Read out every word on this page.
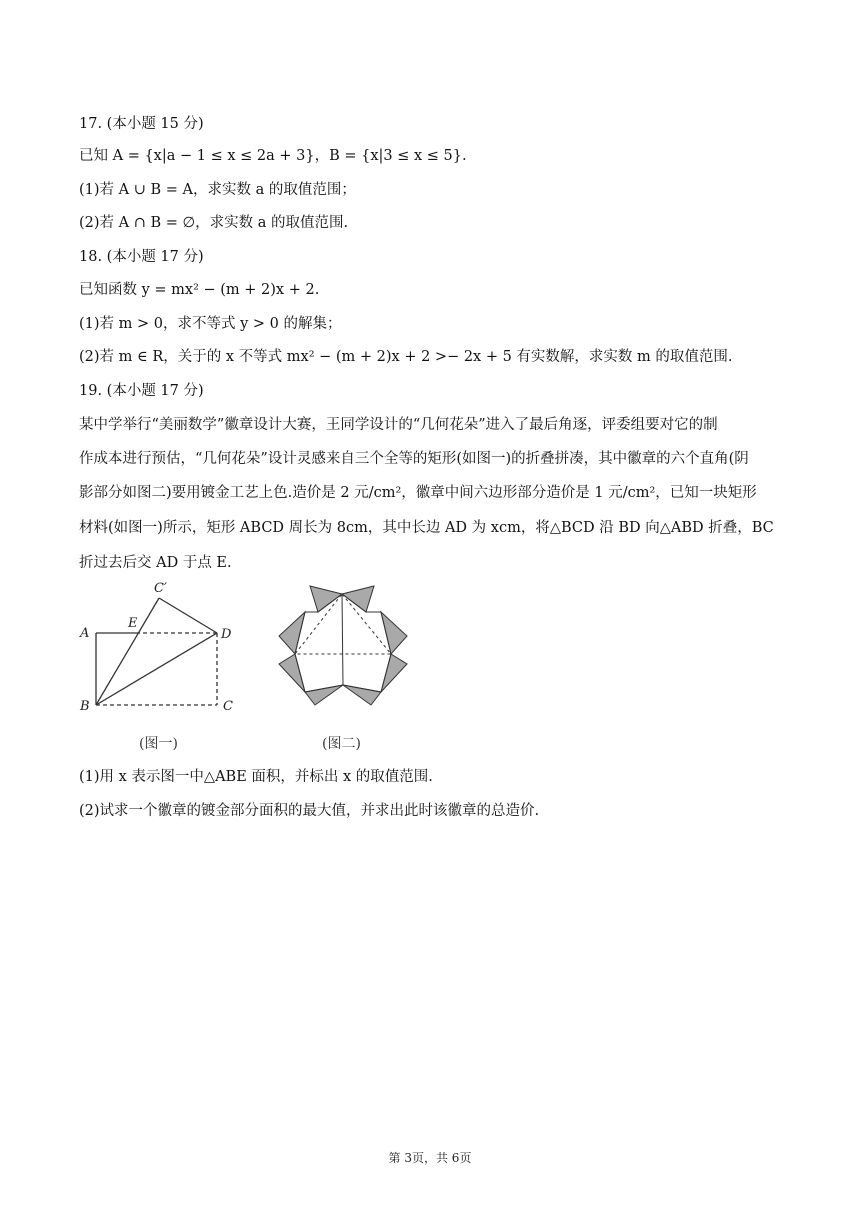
17. (本小题 15 分)
已知 A = {x|a − 1 ≤ x ≤ 2a + 3}，B = {x|3 ≤ x ≤ 5}.
(1)若 A ∪ B = A，求实数 a 的取值范围；
(2)若 A ∩ B = ∅，求实数 a 的取值范围.
18. (本小题 17 分)
已知函数 y = mx² − (m + 2)x + 2.
(1)若 m > 0，求不等式 y > 0 的解集；
(2)若 m ∈ R，关于的 x 不等式 mx² − (m + 2)x + 2 >− 2x + 5 有实数解，求实数 m 的取值范围.
19. (本小题 17 分)
某中学举行“美丽数学”徽章设计大赛，王同学设计的“几何花朵”进入了最后角逐，评委组要对它的制
作成本进行预估，“几何花朵”设计灵感来自三个全等的矩形(如图一)的折叠拼凑，其中徽章的六个直角(阴
影部分如图二)要用镀金工艺上色.造价是 2 元/cm²，徽章中间六边形部分造价是 1 元/cm²，已知一块矩形
材料(如图一)所示，矩形 ABCD 周长为 8cm，其中长边 AD 为 xcm，将△BCD 沿 BD 向△ABD 折叠，BC
折过去后交 AD 于点 E.
A
E
D
B	C
C′
(图一)	(图二)
(1)用 x 表示图一中△ABE 面积，并标出 x 的取值范围.
(2)试求一个徽章的镀金部分面积的最大值，并求出此时该徽章的总造价.
第 3页，共 6页
